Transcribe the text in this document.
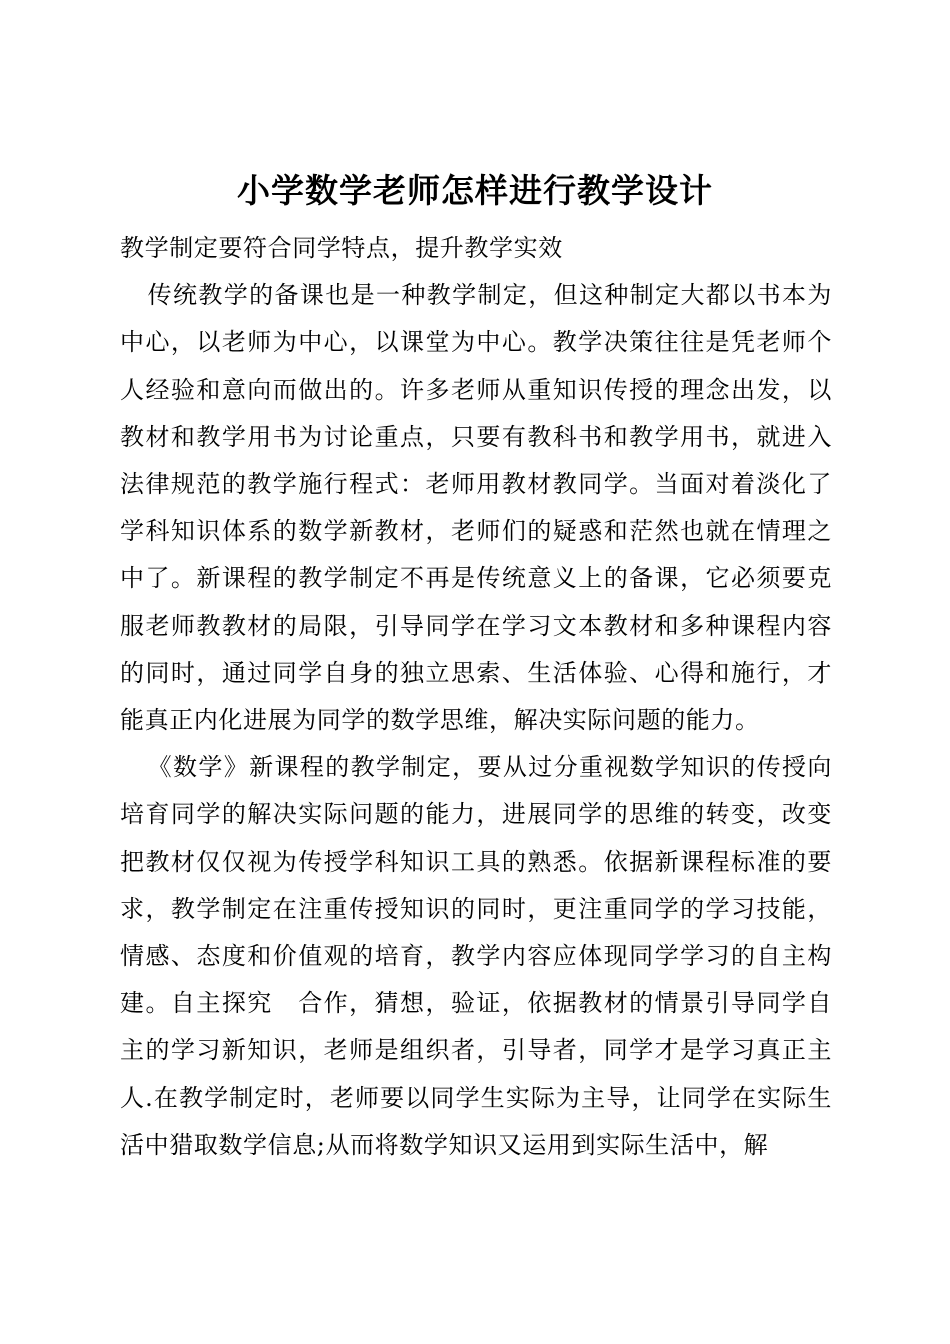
小学数学老师怎样进行教学设计

教学制定要符合同学特点，提升教学实效

传统教学的备课也是一种教学制定，但这种制定大都以书本为中心，以老师为中心，以课堂为中心。教学决策往往是凭老师个人经验和意向而做出的。许多老师从重知识传授的理念出发，以教材和教学用书为讨论重点，只要有教科书和教学用书，就进入法律规范的教学施行程式：老师用教材教同学。当面对着淡化了学科知识体系的数学新教材，老师们的疑惑和茫然也就在情理之中了。新课程的教学制定不再是传统意义上的备课，它必须要克服老师教教材的局限，引导同学在学习文本教材和多种课程内容的同时，通过同学自身的独立思索、生活体验、心得和施行，才能真正内化进展为同学的数学思维，解决实际问题的能力。

《数学》新课程的教学制定，要从过分重视数学知识的传授向培育同学的解决实际问题的能力，进展同学的思维的转变，改变把教材仅仅视为传授学科知识工具的熟悉。依据新课程标准的要求，教学制定在注重传授知识的同时，更注重同学的学习技能，情感、态度和价值观的培育，教学内容应体现同学学习的自主构建。自主探究　合作，猜想，验证，依据教材的情景引导同学自主的学习新知识，老师是组织者，引导者，同学才是学习真正主人.在教学制定时，老师要以同学生实际为主导，让同学在实际生活中猎取数学信息;从而将数学知识又运用到实际生活中，解
